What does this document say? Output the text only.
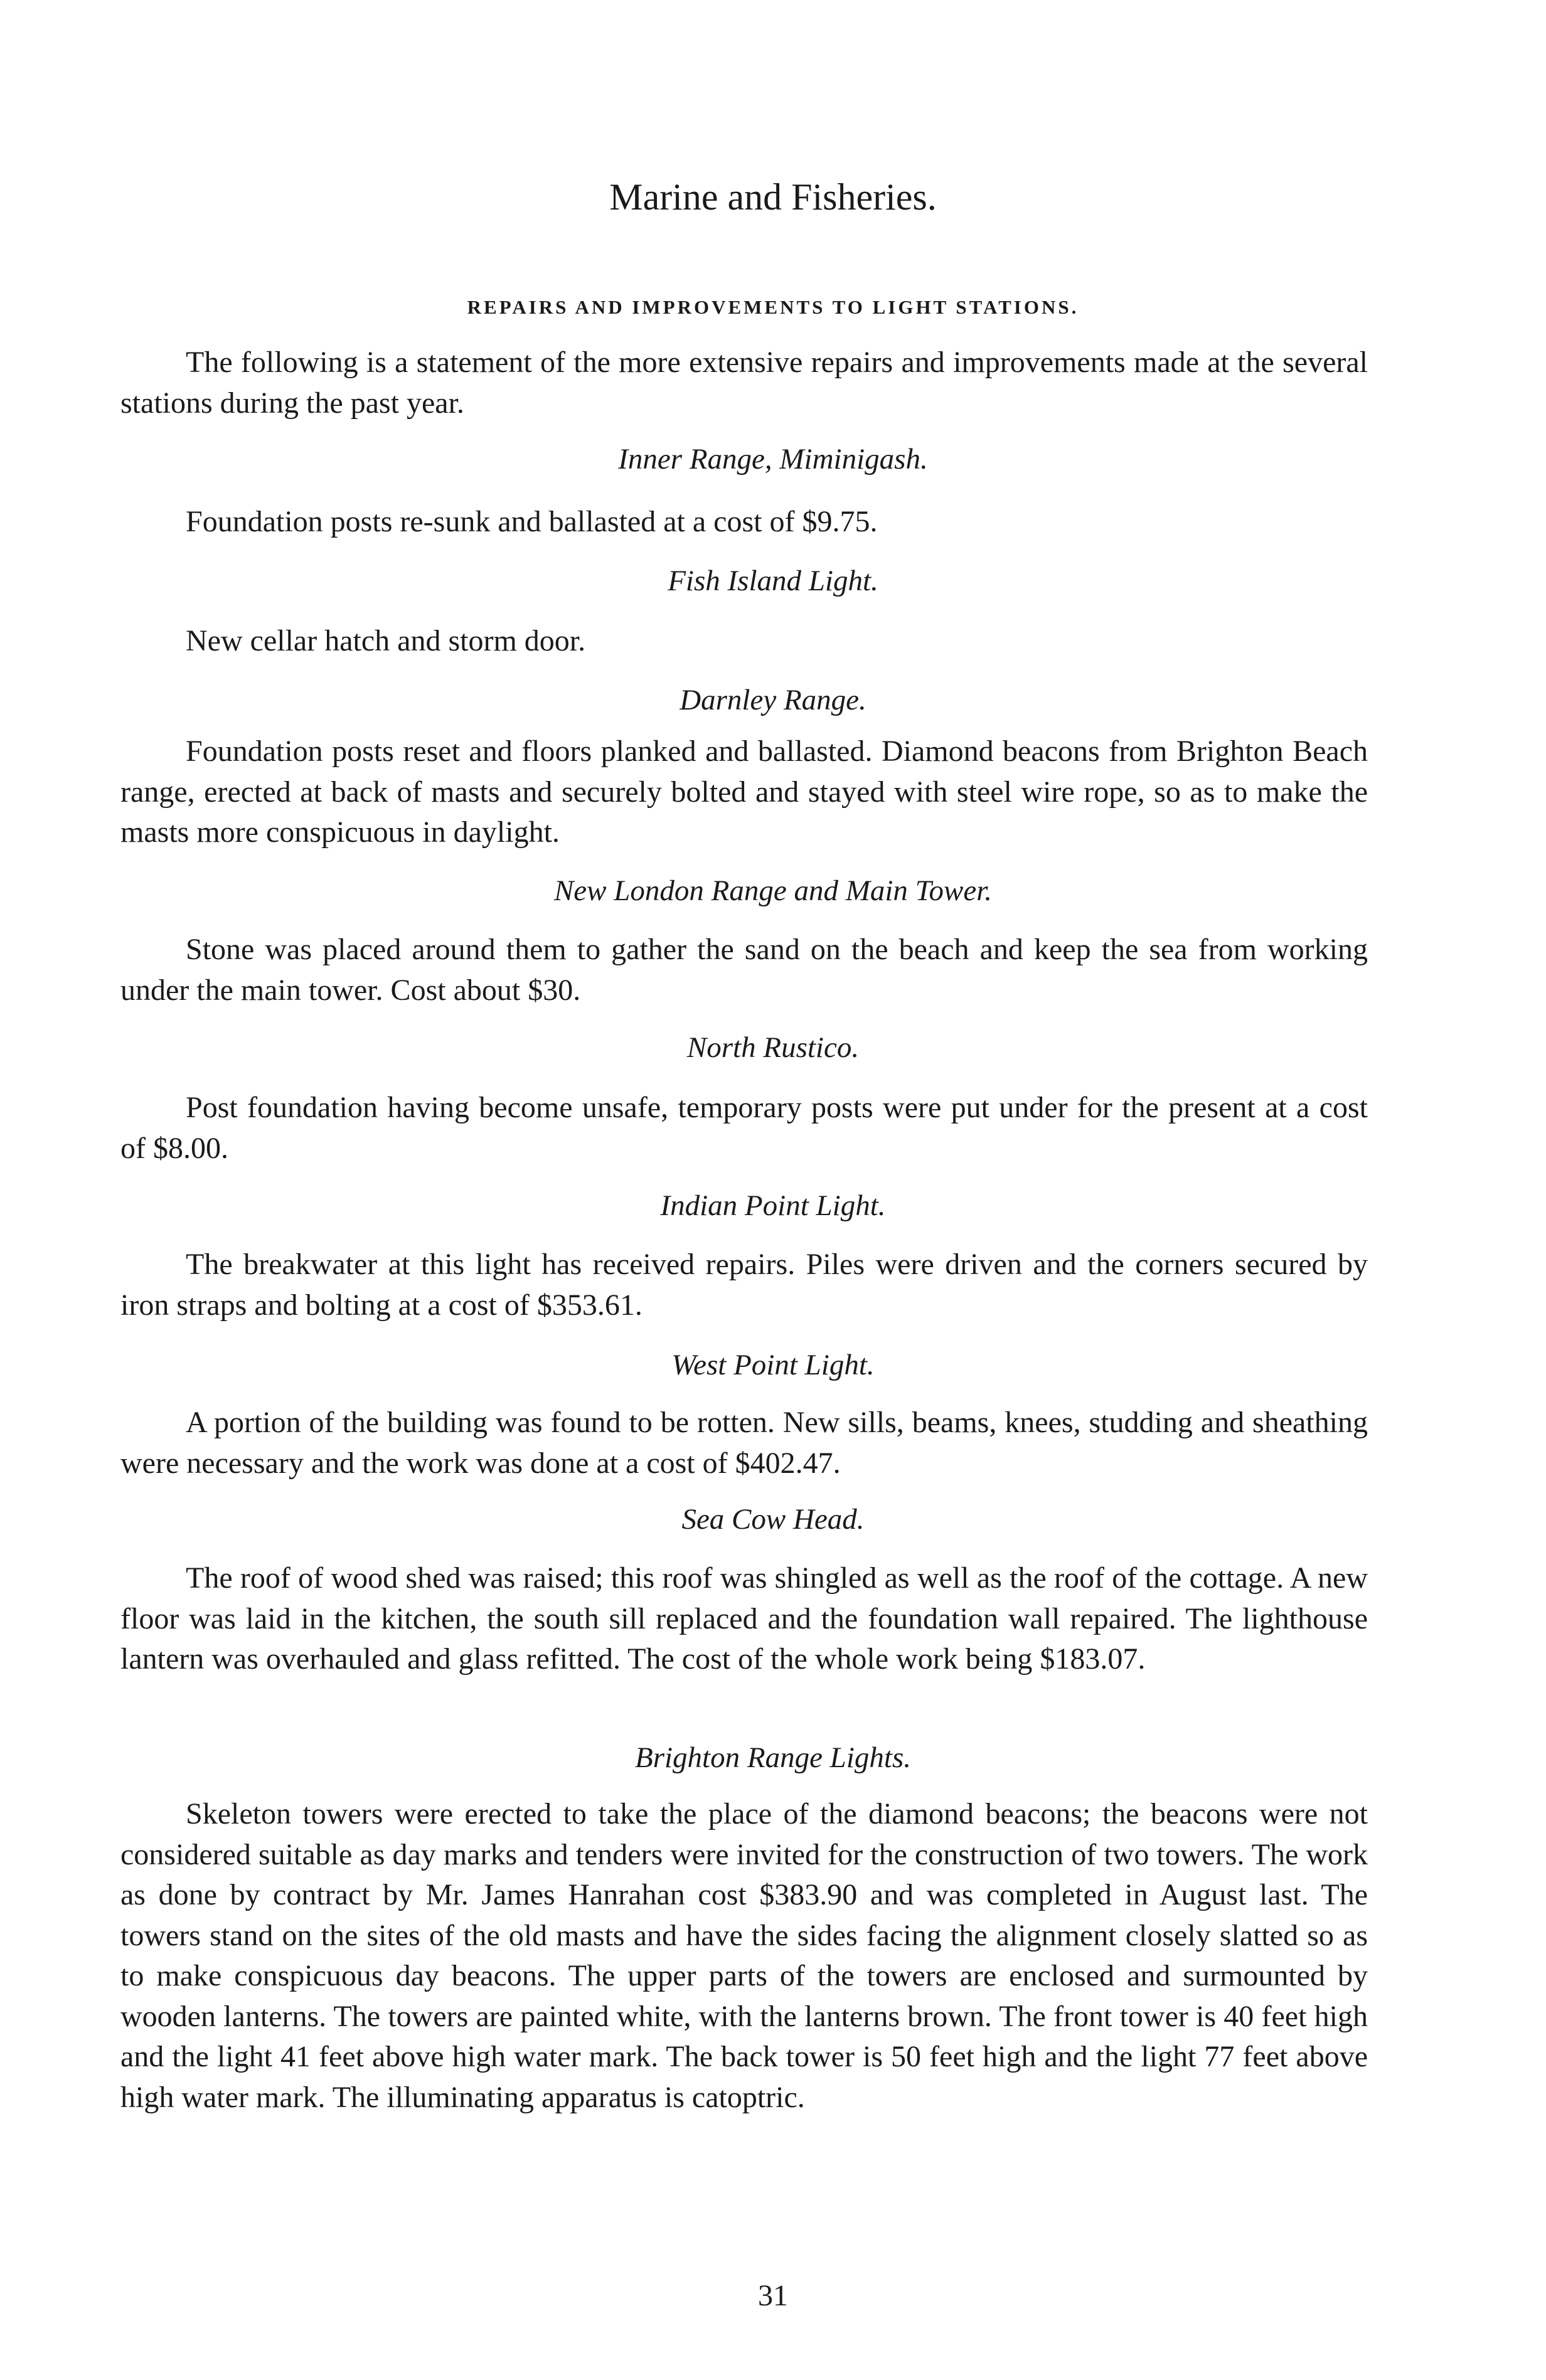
Marine and Fisheries.
REPAIRS AND IMPROVEMENTS TO LIGHT STATIONS.

The following is a statement of the more extensive repairs and improvements made at the several stations during the past year.

Inner Range, Miminigash.

Foundation posts re-sunk and ballasted at a cost of $9.75.

Fish Island Light.

New cellar hatch and storm door.

Darnley Range.

Foundation posts reset and floors planked and ballasted. Diamond beacons from Brighton Beach range, erected at back of masts and securely bolted and stayed with steel wire rope, so as to make the masts more conspicuous in daylight.

New London Range and Main Tower.

Stone was placed around them to gather the sand on the beach and keep the sea from working under the main tower. Cost about $30.

North Rustico.

Post foundation having become unsafe, temporary posts were put under for the present at a cost of $8.00.

Indian Point Light.

The breakwater at this light has received repairs. Piles were driven and the corners secured by iron straps and bolting at a cost of $353.61.

West Point Light.

A portion of the building was found to be rotten. New sills, beams, knees, studding and sheathing were necessary and the work was done at a cost of $402.47.

Sea Cow Head.

The roof of wood shed was raised; this roof was shingled as well as the roof of the cottage. A new floor was laid in the kitchen, the south sill replaced and the foundation wall repaired. The lighthouse lantern was overhauled and glass refitted. The cost of the whole work being $183.07.

Brighton Range Lights.

Skeleton towers were erected to take the place of the diamond beacons; the beacons were not considered suitable as day marks and tenders were invited for the construction of two towers. The work as done by contract by Mr. James Hanrahan cost $383.90 and was completed in August last. The towers stand on the sites of the old masts and have the sides facing the alignment closely slatted so as to make conspicuous day beacons. The upper parts of the towers are enclosed and surmounted by wooden lanterns. The towers are painted white, with the lanterns brown. The front tower is 40 feet high and the light 41 feet above high water mark. The back tower is 50 feet high and the light 77 feet above high water mark. The illuminating apparatus is catoptric.

31
